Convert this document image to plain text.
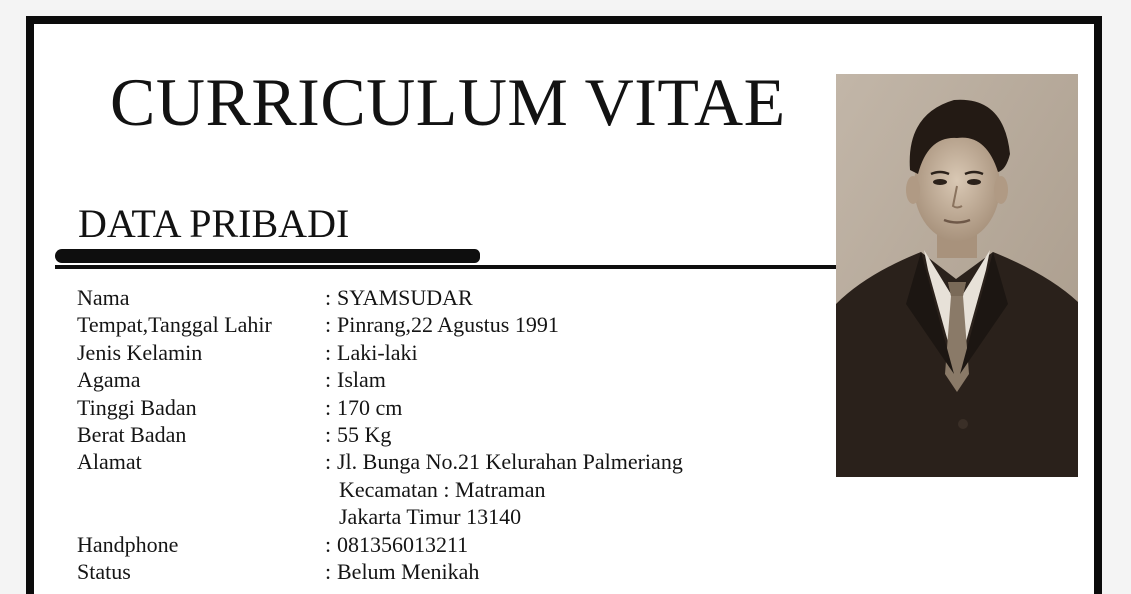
CURRICULUM VITAE
DATA PRIBADI
Nama	: SYAMSUDAR
Tempat,Tanggal Lahir	: Pinrang,22 Agustus 1991
Jenis Kelamin	: Laki-laki
Agama	: Islam
Tinggi Badan	: 170 cm
Berat Badan	: 55 Kg
Alamat	: Jl. Bunga No.21 Kelurahan Palmeriang
Kecamatan : Matraman
Jakarta Timur 13140
Handphone	: 081356013211
Status	: Belum Menikah
